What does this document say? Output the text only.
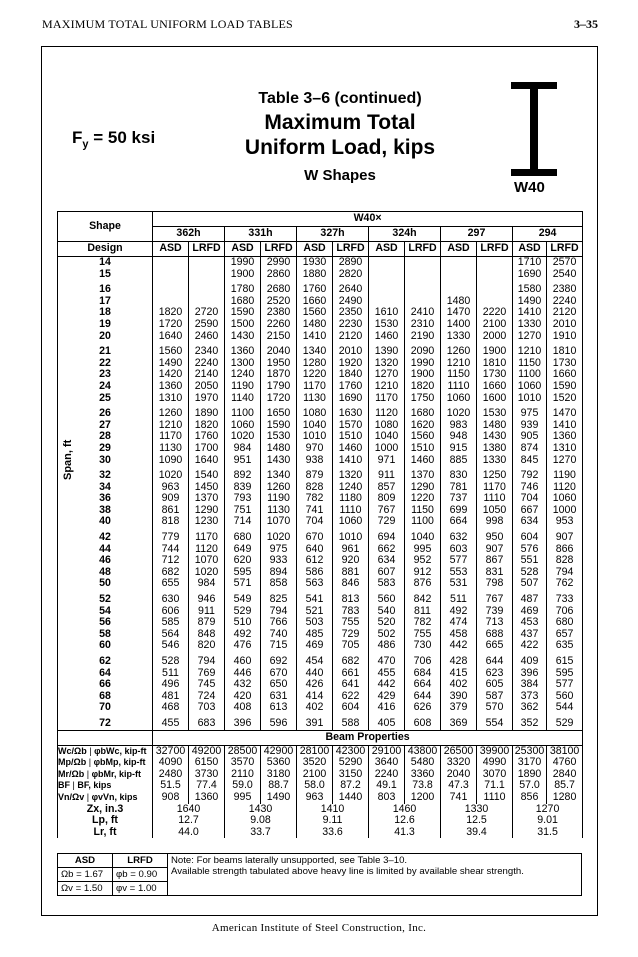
MAXIMUM TOTAL UNIFORM LOAD TABLES	3–35
$F_y = 50$ ksi
Table 3–6 (continued)
Maximum Total
Uniform Load, kips
W Shapes
W40
Shape	W40×											
	362h		331h		327h		324h		297		294	
Design	ASD	LRFD	ASD	LRFD	ASD	LRFD	ASD	LRFD	ASD	LRFD	ASD	LRFD
14			1990	2990	1930	2890					1710	2570
15			1900	2860	1880	2820					1690	2540

16			1780	2680	1760	2640					1580	2380
17			1680	2520	1660	2490			1480		1490	2240
18	1820	2720	1590	2380	1560	2350	1610	2410	1470	2220	1410	2120
19	1720	2590	1500	2260	1480	2230	1530	2310	1400	2100	1330	2010
20	1640	2460	1430	2150	1410	2120	1460	2190	1330	2000	1270	1910

21	1560	2340	1360	2040	1340	2010	1390	2090	1260	1900	1210	1810
22	1490	2240	1300	1950	1280	1920	1320	1990	1210	1810	1150	1730
23	1420	2140	1240	1870	1220	1840	1270	1900	1150	1730	1100	1660
24	1360	2050	1190	1790	1170	1760	1210	1820	1110	1660	1060	1590
25	1310	1970	1140	1720	1130	1690	1170	1750	1060	1600	1010	1520

26	1260	1890	1100	1650	1080	1630	1120	1680	1020	1530	975	1470
27	1210	1820	1060	1590	1040	1570	1080	1620	983	1480	939	1410
28	1170	1760	1020	1530	1010	1510	1040	1560	948	1430	905	1360
29	1130	1700	984	1480	970	1460	1000	1510	915	1380	874	1310
30	1090	1640	951	1430	938	1410	971	1460	885	1330	845	1270

32	1020	1540	892	1340	879	1320	911	1370	830	1250	792	1190
34	963	1450	839	1260	828	1240	857	1290	781	1170	746	1120
36	909	1370	793	1190	782	1180	809	1220	737	1110	704	1060
38	861	1290	751	1130	741	1110	767	1150	699	1050	667	1000
40	818	1230	714	1070	704	1060	729	1100	664	998	634	953

42	779	1170	680	1020	670	1010	694	1040	632	950	604	907
44	744	1120	649	975	640	961	662	995	603	907	576	866
46	712	1070	620	933	612	920	634	952	577	867	551	828
48	682	1020	595	894	586	881	607	912	553	831	528	794
50	655	984	571	858	563	846	583	876	531	798	507	762

52	630	946	549	825	541	813	560	842	511	767	487	733
54	606	911	529	794	521	783	540	811	492	739	469	706
56	585	879	510	766	503	755	520	782	474	713	453	680
58	564	848	492	740	485	729	502	755	458	688	437	657
60	546	820	476	715	469	705	486	730	442	665	422	635

62	528	794	460	692	454	682	470	706	428	644	409	615
64	511	769	446	670	440	661	455	684	415	623	396	595
66	496	745	432	650	426	641	442	664	402	605	384	577
68	481	724	420	631	414	622	429	644	390	587	373	560
70	468	703	408	613	402	604	416	626	379	570	362	544

72	455	683	396	596	391	588	405	608	369	554	352	529
	Beam Properties											
Wc/Ωb | φbWc, kip-ft	32700	49200	28500	42900	28100	42300	29100	43800	26500	39900	25300	38100
Mp/Ωb | φbMp, kip-ft	4090	6150	3570	5360	3520	5290	3640	5480	3320	4990	3170	4760
Mr/Ωb | φbMr, kip-ft	2480	3730	2110	3180	2100	3150	2240	3360	2040	3070	1890	2840
BF | BF, kips	51.5	77.4	59.0	88.7	58.0	87.2	49.1	73.8	47.3	71.1	57.0	85.7
Vn/Ωv | φvVn, kips	908	1360	995	1490	963	1440	803	1200	741	1110	856	1280
Zx, in.3	1640		1430		1410		1460		1330		1270	
Lp, ft	12.7		9.08		9.11		12.6		12.5		9.01	
Lr, ft	44.0		33.7		33.6		41.3		39.4		31.5	
ASD	LRFD	Note: For beams laterally unsupported, see Table 3–10.
Available strength tabulated above heavy line is limited by available shear strength.

Ωb = 1.67	φb = 0.90	
Ωv = 1.50	φv = 1.00	
American Institute of Steel Construction, Inc.
Span, ft
